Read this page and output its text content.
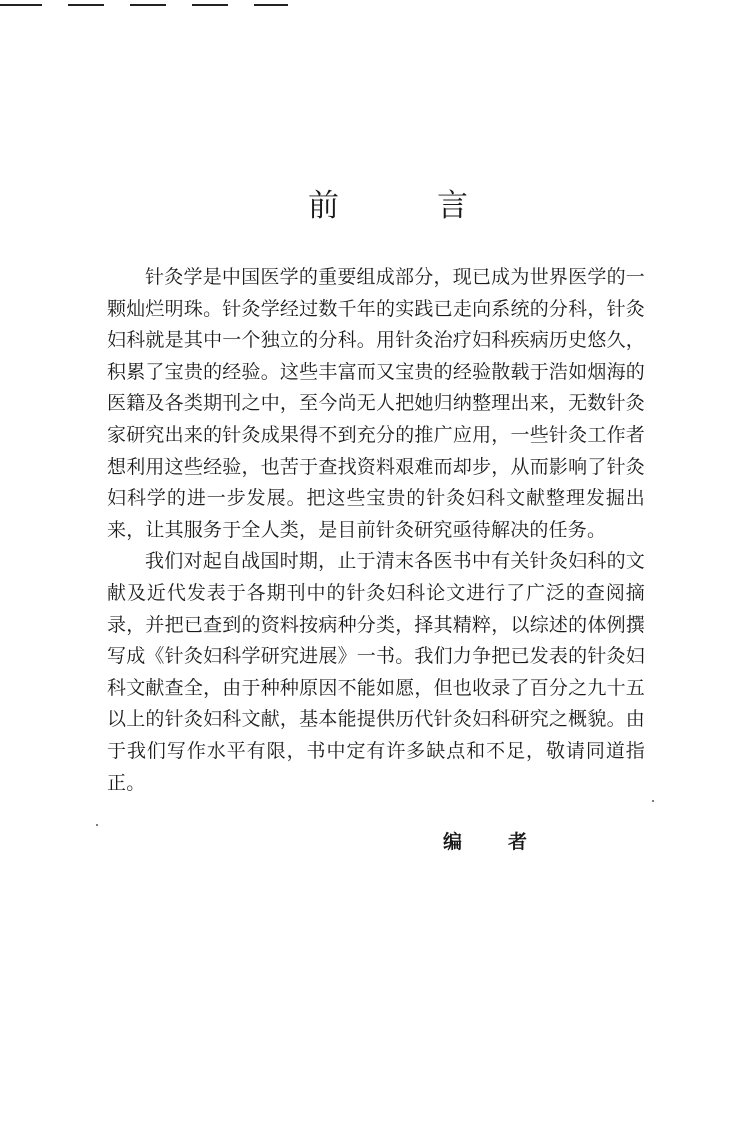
前 言

针灸学是中国医学的重要组成部分，现已成为世界医学的一颗灿烂明珠。针灸学经过数千年的实践已走向系统的分科，针灸妇科就是其中一个独立的分科。用针灸治疗妇科疾病历史悠久，积累了宝贵的经验。这些丰富而又宝贵的经验散载于浩如烟海的医籍及各类期刊之中，至今尚无人把她归纳整理出来，无数针灸家研究出来的针灸成果得不到充分的推广应用，一些针灸工作者想利用这些经验，也苦于查找资料艰难而却步，从而影响了针灸妇科学的进一步发展。把这些宝贵的针灸妇科文献整理发掘出来，让其服务于全人类，是目前针灸研究亟待解决的任务。

我们对起自战国时期，止于清末各医书中有关针灸妇科的文献及近代发表于各期刊中的针灸妇科论文进行了广泛的查阅摘录，并把已查到的资料按病种分类，择其精粹，以综述的体例撰写成《针灸妇科学研究进展》一书。我们力争把已发表的针灸妇科文献查全，由于种种原因不能如愿，但也收录了百分之九十五以上的针灸妇科文献，基本能提供历代针灸妇科研究之概貌。由于我们写作水平有限，书中定有许多缺点和不足，敬请同道指正。

编 者
